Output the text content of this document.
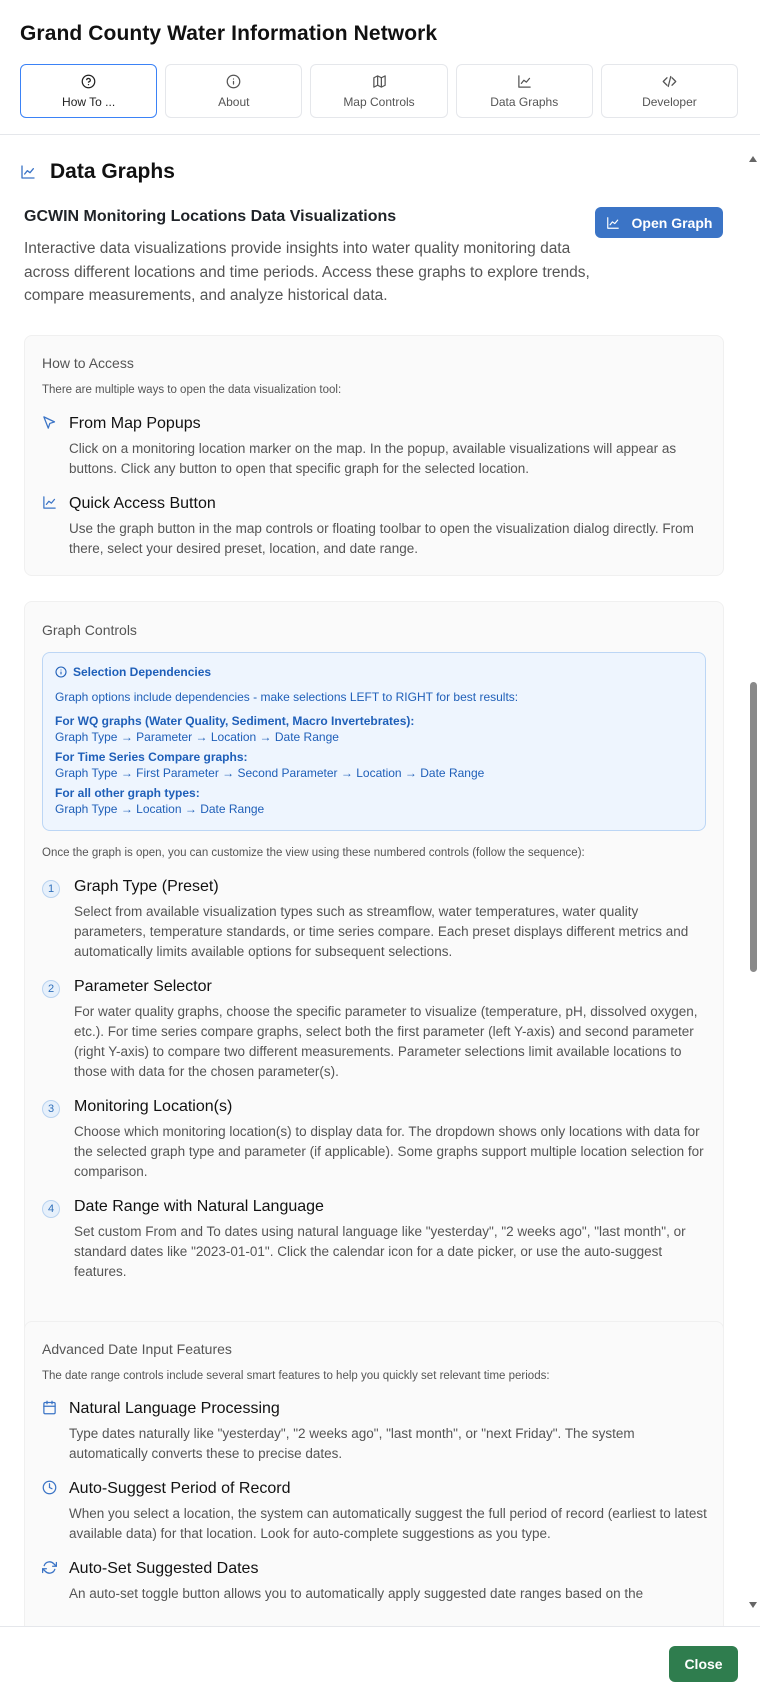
Grand County Water Information Network
How To ...	About	Map Controls	Data Graphs	Developer
Data Graphs
GCWIN Monitoring Locations Data Visualizations
Interactive data visualizations provide insights into water quality monitoring data across different locations and time periods. Access these graphs to explore trends, compare measurements, and analyze historical data.
Open Graph
How to Access
There are multiple ways to open the data visualization tool:
From Map Popups
Click on a monitoring location marker on the map. In the popup, available visualizations will appear as buttons. Click any button to open that specific graph for the selected location.
Quick Access Button
Use the graph button in the map controls or floating toolbar to open the visualization dialog directly. From there, select your desired preset, location, and date range.
Graph Controls
Selection Dependencies
Graph options include dependencies - make selections LEFT to RIGHT for best results:
For WQ graphs (Water Quality, Sediment, Macro Invertebrates):
Graph Type → Parameter → Location → Date Range
For Time Series Compare graphs:
Graph Type → First Parameter → Second Parameter → Location → Date Range
For all other graph types:
Graph Type → Location → Date Range
Once the graph is open, you can customize the view using these numbered controls (follow the sequence):
1	Graph Type (Preset)
Select from available visualization types such as streamflow, water temperatures, water quality parameters, temperature standards, or time series compare. Each preset displays different metrics and automatically limits available options for subsequent selections.
2	Parameter Selector
For water quality graphs, choose the specific parameter to visualize (temperature, pH, dissolved oxygen, etc.). For time series compare graphs, select both the first parameter (left Y-axis) and second parameter (right Y-axis) to compare two different measurements. Parameter selections limit available locations to those with data for the chosen parameter(s).
3	Monitoring Location(s)
Choose which monitoring location(s) to display data for. The dropdown shows only locations with data for the selected graph type and parameter (if applicable). Some graphs support multiple location selection for comparison.
4	Date Range with Natural Language
Set custom From and To dates using natural language like "yesterday", "2 weeks ago", "last month", or standard dates like "2023-01-01". Click the calendar icon for a date picker, or use the auto-suggest features.
Advanced Date Input Features
The date range controls include several smart features to help you quickly set relevant time periods:
Natural Language Processing
Type dates naturally like "yesterday", "2 weeks ago", "last month", or "next Friday". The system automatically converts these to precise dates.
Auto-Suggest Period of Record
When you select a location, the system can automatically suggest the full period of record (earliest to latest available data) for that location. Look for auto-complete suggestions as you type.
Auto-Set Suggested Dates
An auto-set toggle button allows you to automatically apply suggested date ranges based on the
Close
